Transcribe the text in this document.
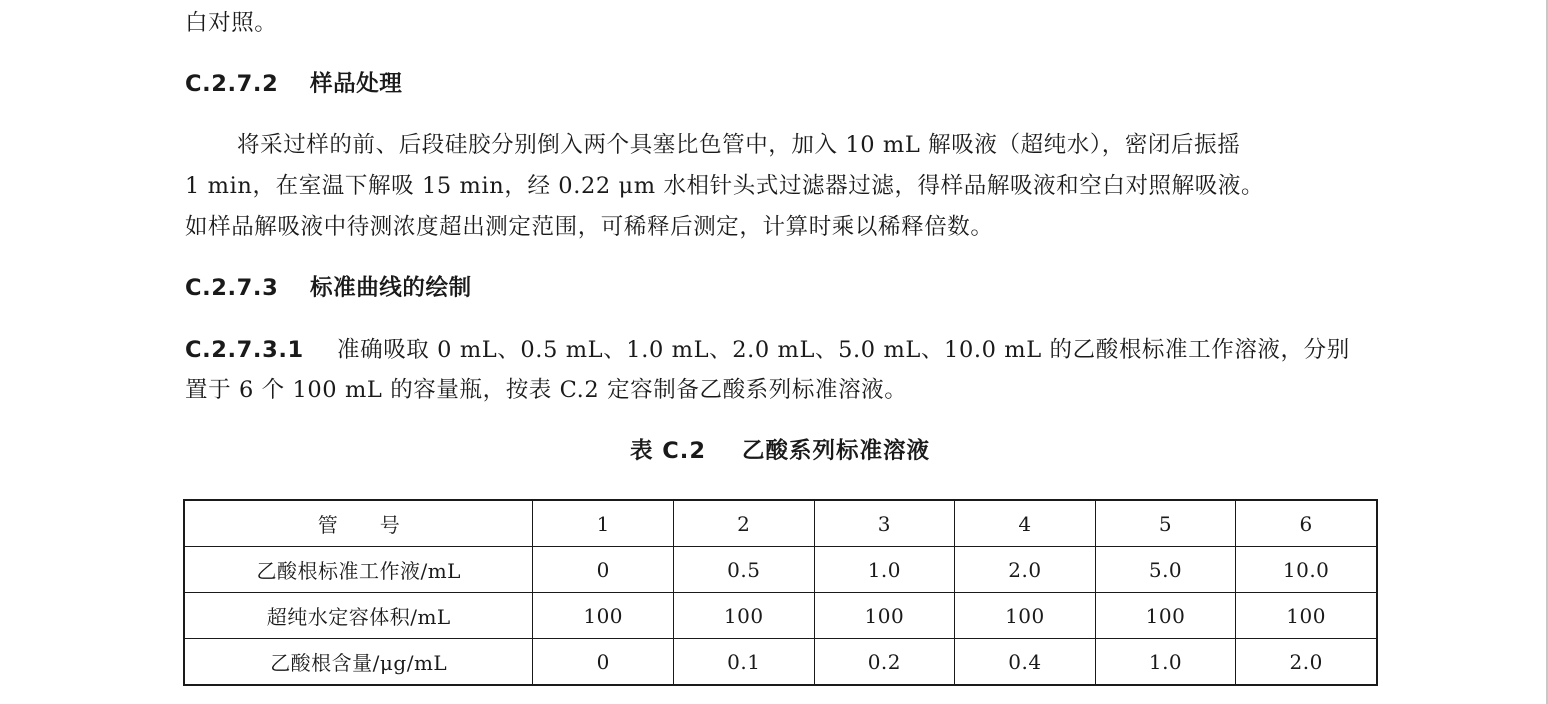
白对照。
C.2.7.2 样品处理
将采过样的前、后段硅胶分别倒入两个具塞比色管中，加入 10 mL 解吸液（超纯水），密闭后振摇
1 min，在室温下解吸 15 min，经 0.22 μm 水相针头式过滤器过滤，得样品解吸液和空白对照解吸液。
如样品解吸液中待测浓度超出测定范围，可稀释后测定，计算时乘以稀释倍数。
C.2.7.3 标准曲线的绘制
C.2.7.3.1 准确吸取 0 mL、0.5 mL、1.0 mL、2.0 mL、5.0 mL、10.0 mL 的乙酸根标准工作溶液，分别
置于 6 个 100 mL 的容量瓶，按表 C.2 定容制备乙酸系列标准溶液。
表 C.2 乙酸系列标准溶液
管号	1	2	3	4	5	6
乙酸根标准工作液/mL	0	0.5	1.0	2.0	5.0	10.0
超纯水定容体积/mL	100	100	100	100	100	100
乙酸根含量/μg/mL	0	0.1	0.2	0.4	1.0	2.0
